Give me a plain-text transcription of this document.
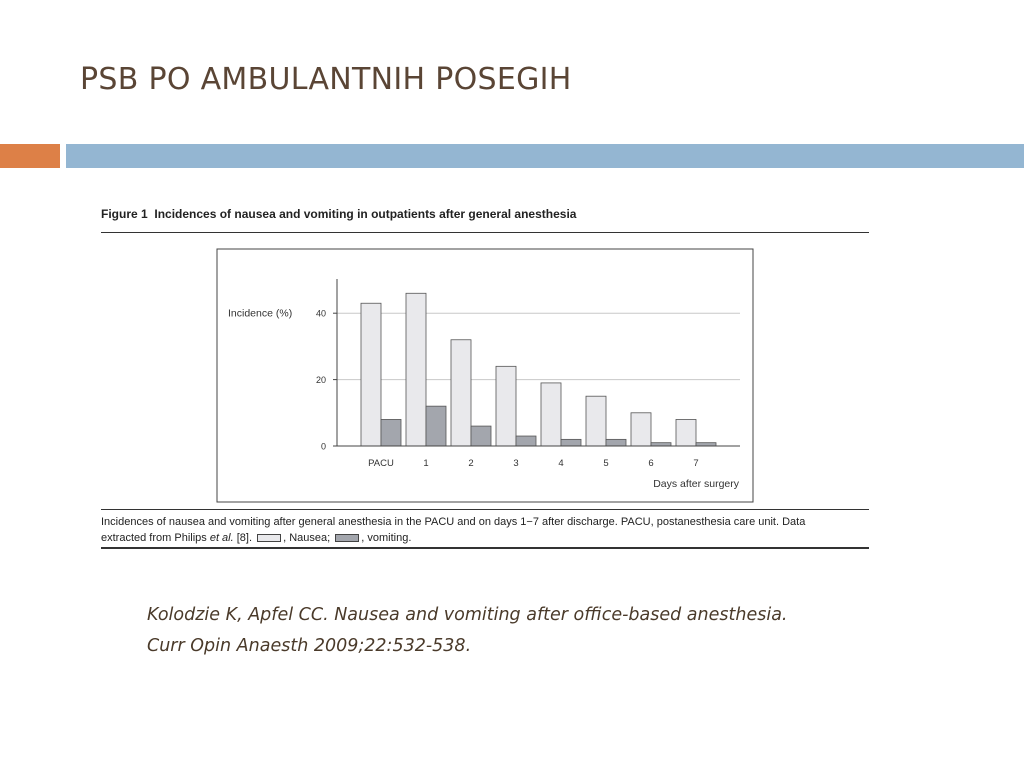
PSB PO AMBULANTNIH POSEGIH
Figure 1 Incidences of nausea and vomiting in outpatients after general anesthesia
0
20
40
PACU	1	2	3	4	5	6	7
Incidence (%)
Days after surgery
Incidences of nausea and vomiting after general anesthesia in the PACU and on days 1−7 after discharge. PACU, postanesthesia care unit. Data
extracted from Philips et al. [8].	, Nausea;	, vomiting.
Kolodzie K, Apfel CC. Nausea and vomiting after office-based anesthesia.
Curr Opin Anaesth 2009;22:532-538.
